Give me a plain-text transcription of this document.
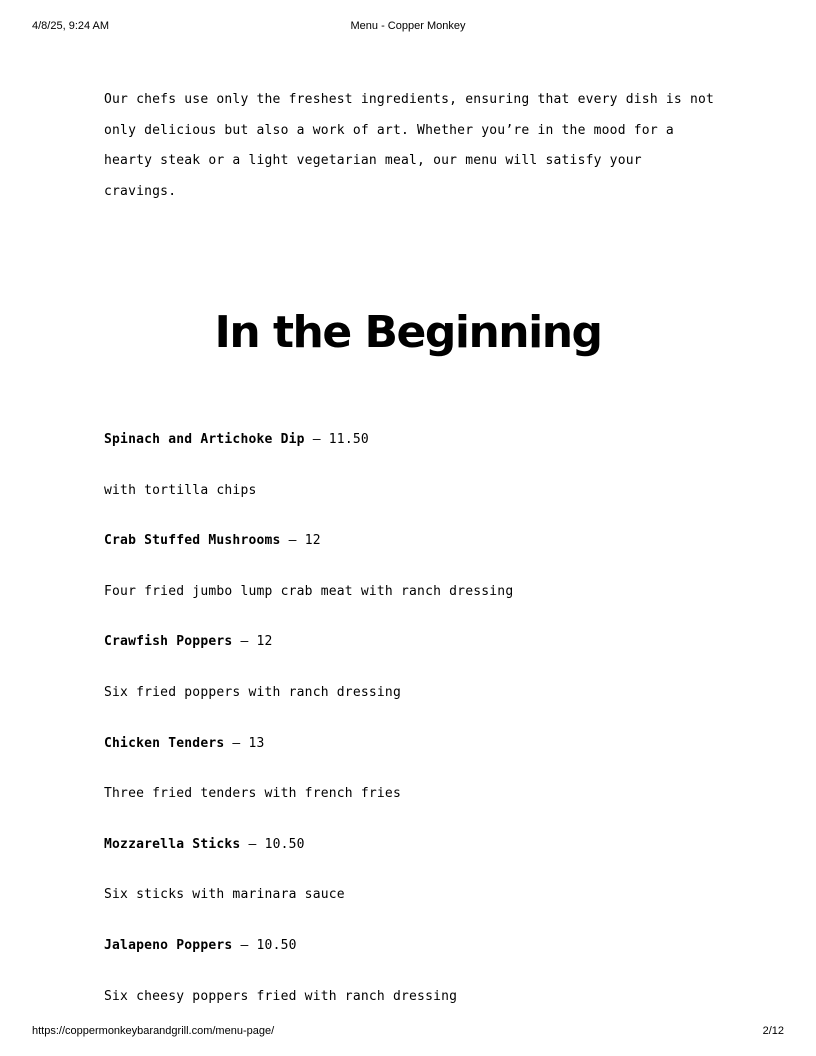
4/8/25, 9:24 AM	Menu - Copper Monkey

Our chefs use only the freshest ingredients, ensuring that every dish is not only delicious but also a work of art. Whether you’re in the mood for a hearty steak or a light vegetarian meal, our menu will satisfy your cravings.

In the Beginning
Spinach and Artichoke Dip — 11.50
with tortilla chips
Crab Stuffed Mushrooms — 12
Four fried jumbo lump crab meat with ranch dressing
Crawfish Poppers — 12
Six fried poppers with ranch dressing
Chicken Tenders — 13
Three fried tenders with french fries
Mozzarella Sticks — 10.50
Six sticks with marinara sauce
Jalapeno Poppers — 10.50
Six cheesy poppers fried with ranch dressing
https://coppermonkeybarandgrill.com/menu-page/	2/12
